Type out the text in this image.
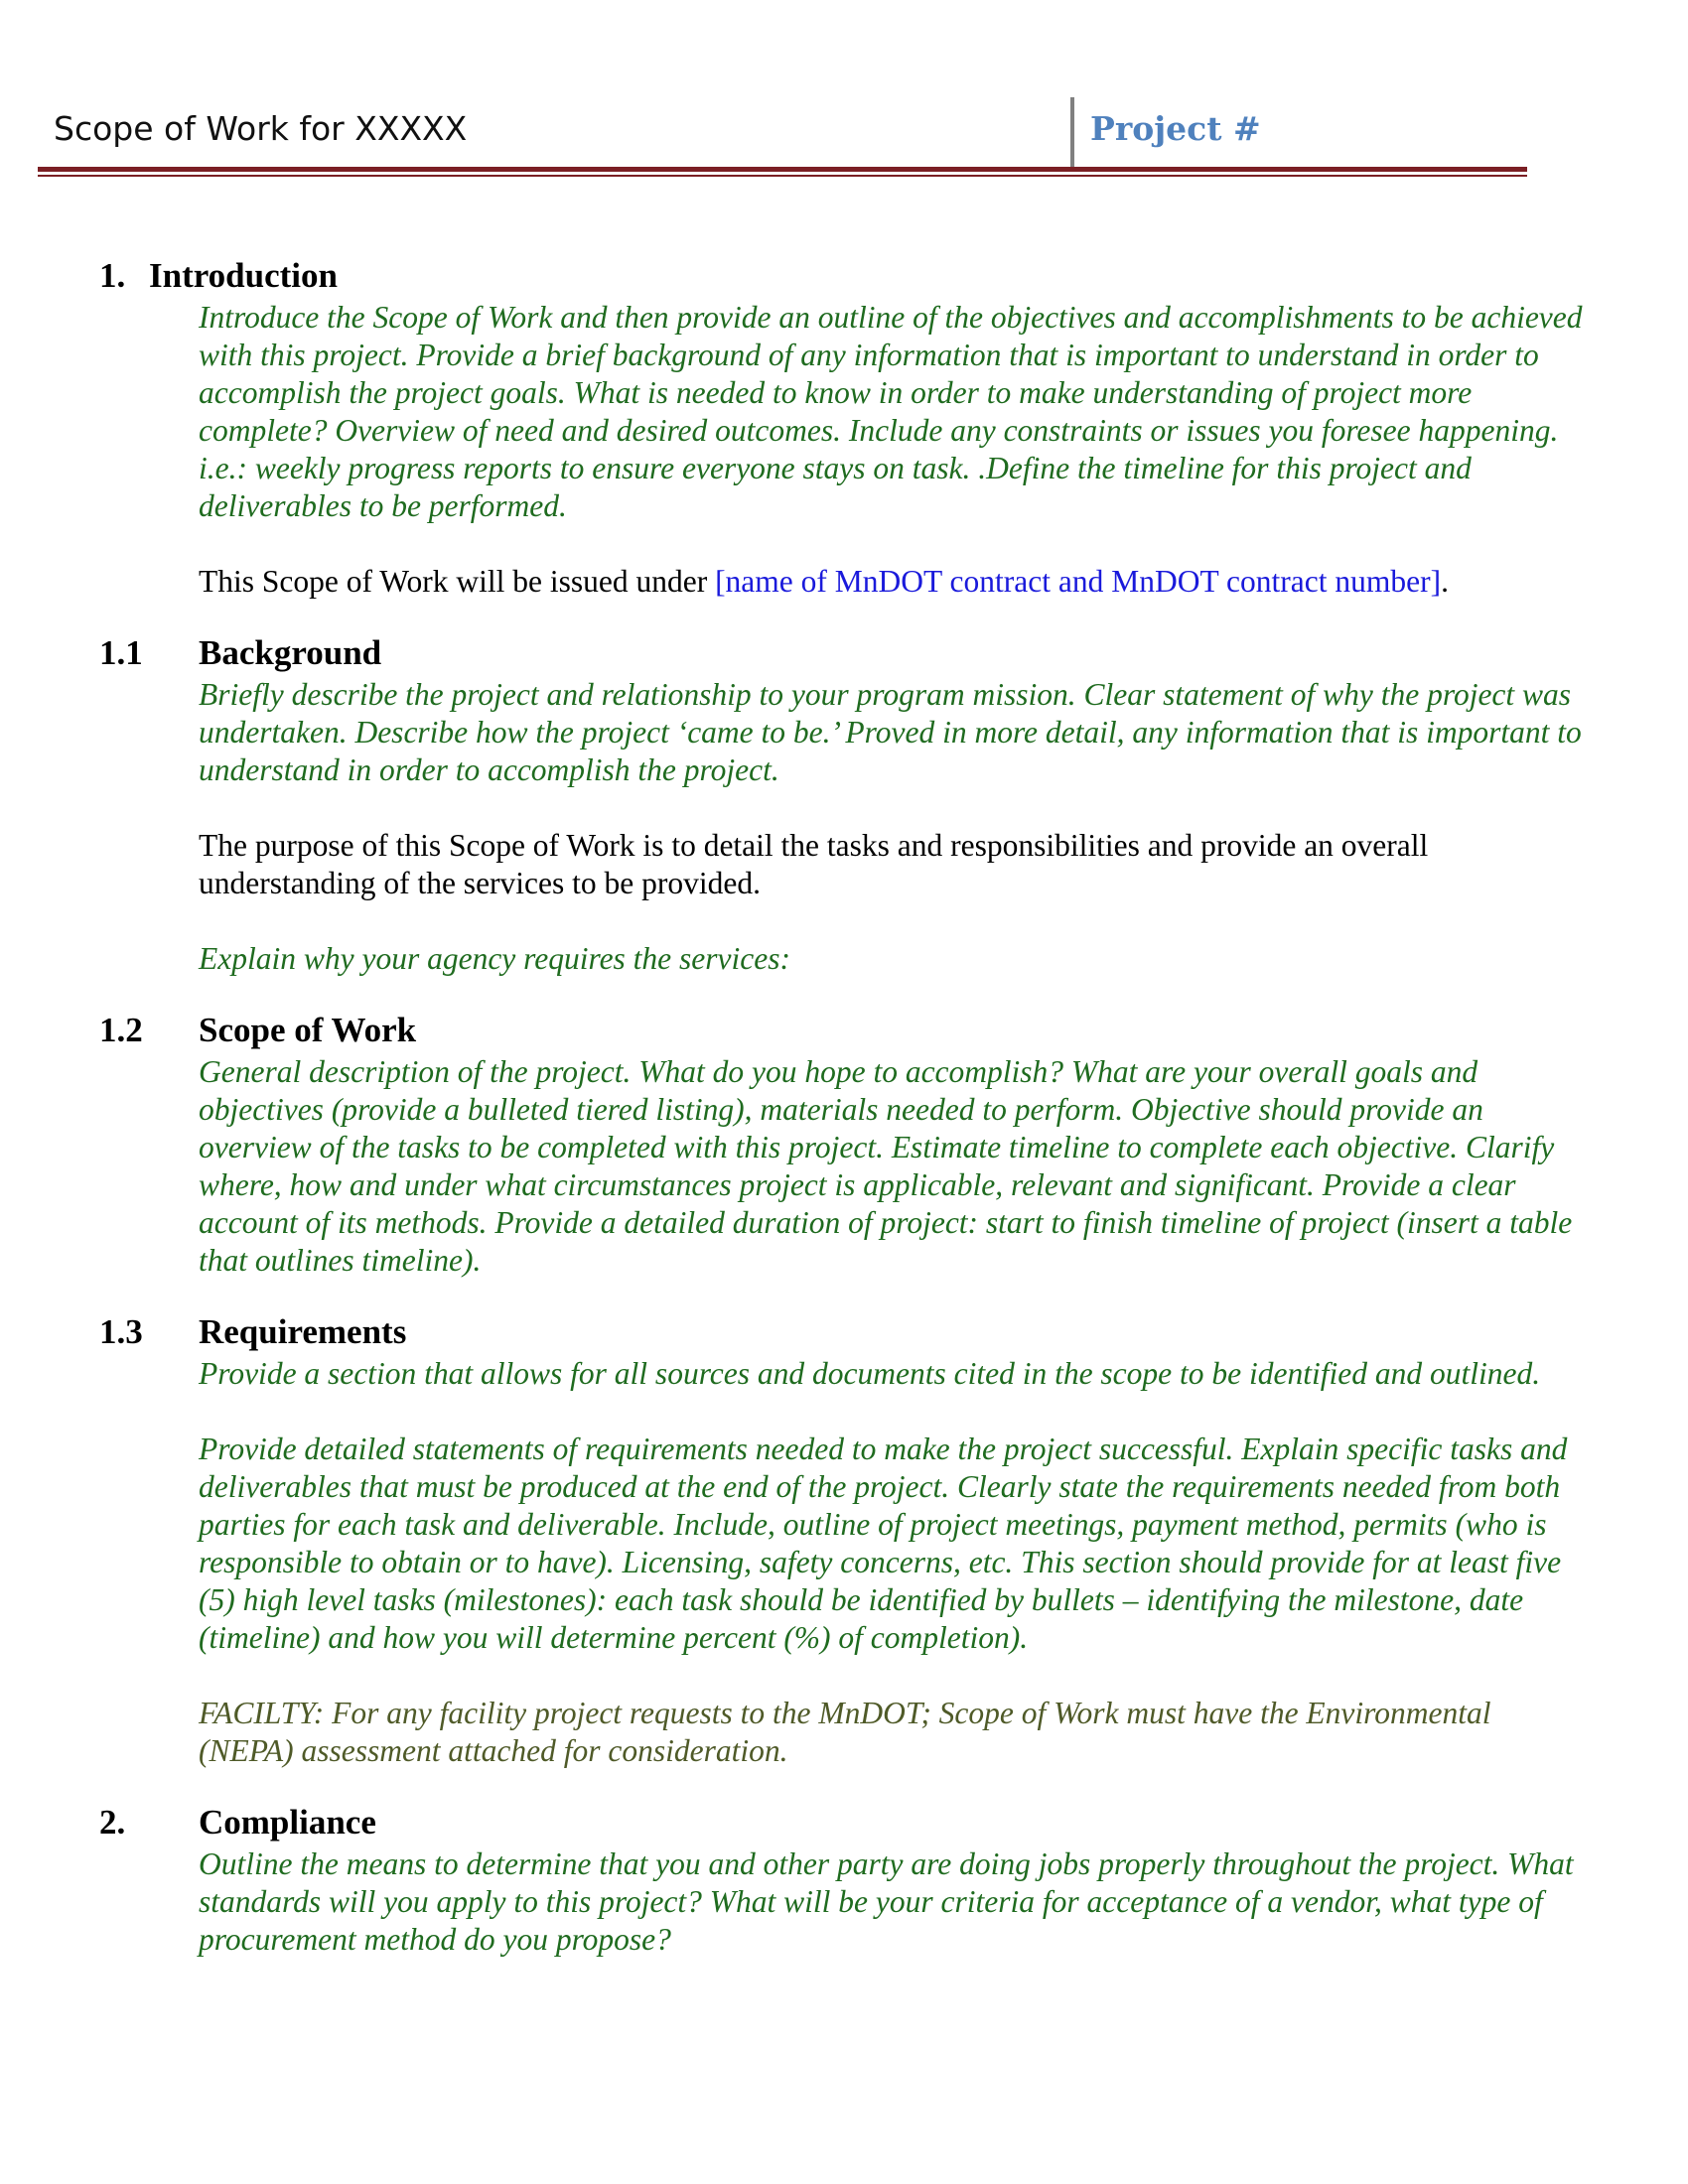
Scope of Work for XXXXX	Project #
1. Introduction
Introduce the Scope of Work and then provide an outline of the objectives and accomplishments to be achieved with this project. Provide a brief background of any information that is important to understand in order to accomplish the project goals. What is needed to know in order to make understanding of project more complete? Overview of need and desired outcomes. Include any constraints or issues you foresee happening. i.e.: weekly progress reports to ensure everyone stays on task. .Define the timeline for this project and deliverables to be performed.
This Scope of Work will be issued under [name of MnDOT contract and MnDOT contract number].
1.1 Background
Briefly describe the project and relationship to your program mission. Clear statement of why the project was undertaken. Describe how the project ‘came to be.’ Proved in more detail, any information that is important to understand in order to accomplish the project.
The purpose of this Scope of Work is to detail the tasks and responsibilities and provide an overall understanding of the services to be provided.
Explain why your agency requires the services:
1.2 Scope of Work
General description of the project. What do you hope to accomplish? What are your overall goals and objectives (provide a bulleted tiered listing), materials needed to perform. Objective should provide an overview of the tasks to be completed with this project. Estimate timeline to complete each objective. Clarify where, how and under what circumstances project is applicable, relevant and significant. Provide a clear account of its methods. Provide a detailed duration of project: start to finish timeline of project (insert a table that outlines timeline).
1.3 Requirements
Provide a section that allows for all sources and documents cited in the scope to be identified and outlined.
Provide detailed statements of requirements needed to make the project successful. Explain specific tasks and deliverables that must be produced at the end of the project. Clearly state the requirements needed from both parties for each task and deliverable. Include, outline of project meetings, payment method, permits (who is responsible to obtain or to have). Licensing, safety concerns, etc. This section should provide for at least five (5) high level tasks (milestones): each task should be identified by bullets – identifying the milestone, date (timeline) and how you will determine percent (%) of completion).
FACILTY: For any facility project requests to the MnDOT; Scope of Work must have the Environmental (NEPA) assessment attached for consideration.
2. Compliance
Outline the means to determine that you and other party are doing jobs properly throughout the project. What standards will you apply to this project? What will be your criteria for acceptance of a vendor, what type of procurement method do you propose?
